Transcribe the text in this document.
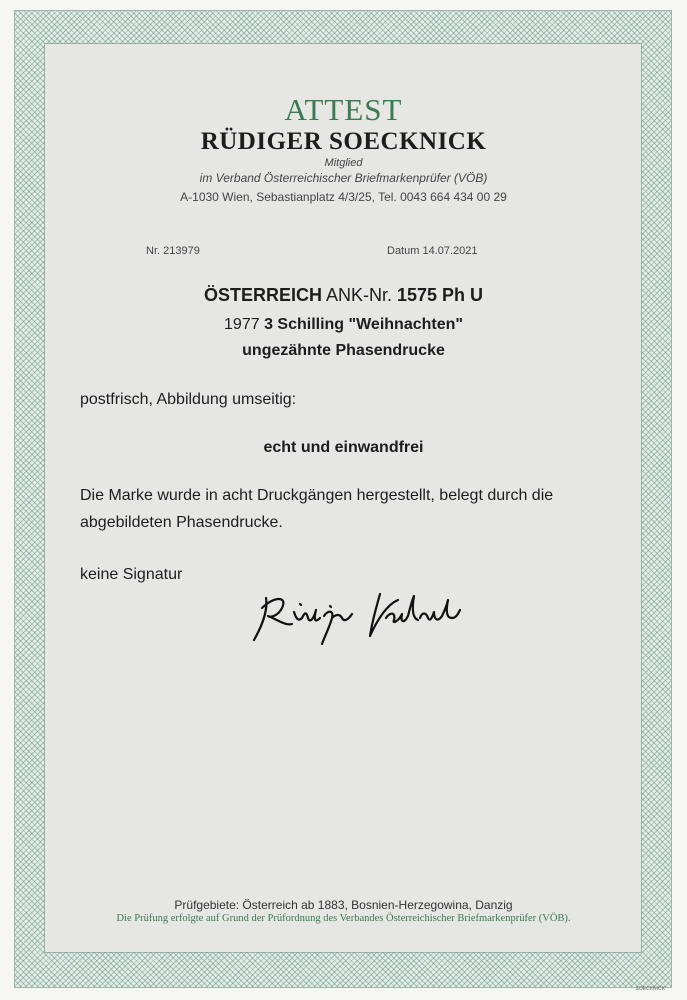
ATTEST
RÜDIGER SOECKNICK
Mitglied
im Verband Österreichischer Briefmarkenprüfer (VÖB)
A-1030 Wien, Sebastianplatz 4/3/25, Tel. 0043 664 434 00 29
Nr. 213979	Datum 14.07.2021
ÖSTERREICH ANK-Nr. 1575 Ph U
1977 3 Schilling "Weihnachten"
ungezähnte Phasendrucke
postfrisch, Abbildung umseitig:
echt und einwandfrei
Die Marke wurde in acht Druckgängen hergestellt, belegt durch die
abgebildeten Phasendrucke.
keine Signatur
Prüfgebiete: Österreich ab 1883, Bosnien-Herzegowina, Danzig
Die Prüfung erfolgte auf Grund der Prüfordnung des Verbandes Österreichischer Briefmarkenprüfer (VÖB).
SOECKNICK
